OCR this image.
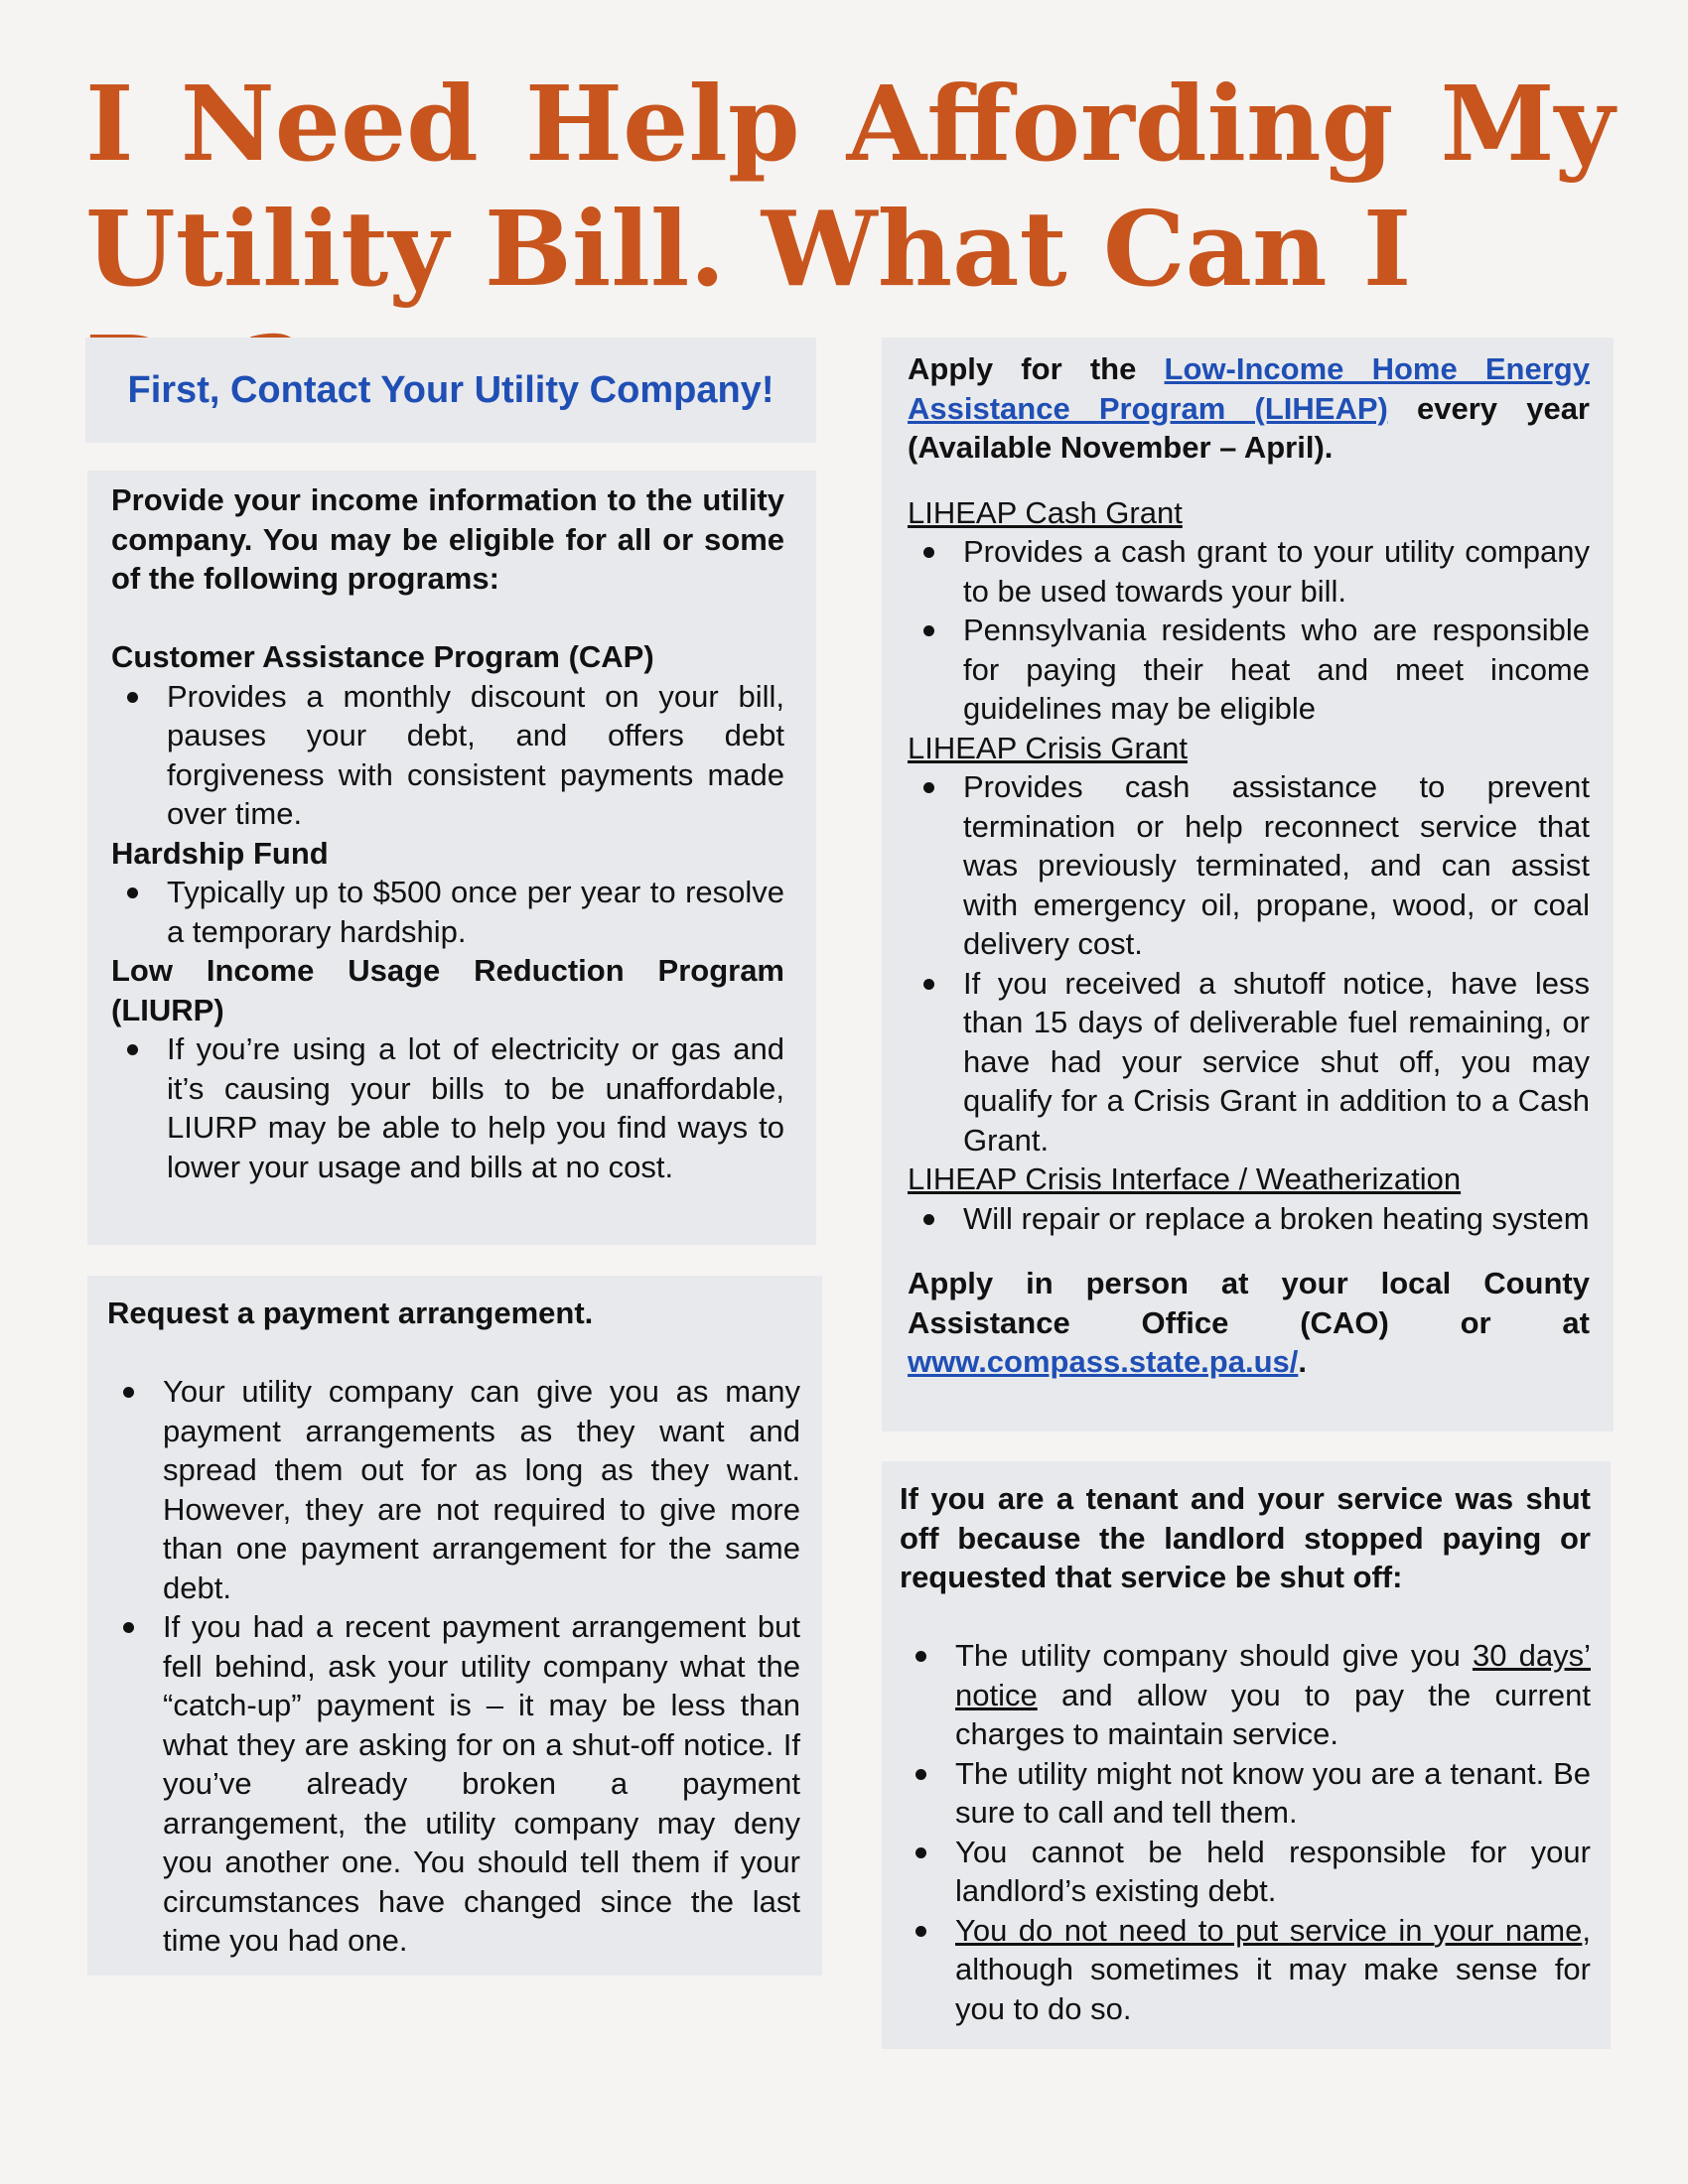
I Need Help Affording My
Utility Bill. What Can I
First, Contact Your Utility Company!
Provide your income information to the utility company. You may be eligible for all or some of the following programs:
Customer Assistance Program (CAP)
Provides a monthly discount on your bill, pauses your debt, and offers debt forgiveness with consistent payments made over time.
Hardship Fund
Typically up to $500 once per year to resolve a temporary hardship.
Low Income Usage Reduction Program (LIURP)
If you’re using a lot of electricity or gas and it’s causing your bills to be unaffordable, LIURP may be able to help you find ways to lower your usage and bills at no cost.
Request a payment arrangement.
Your utility company can give you as many payment arrangements as they want and spread them out for as long as they want. However, they are not required to give more than one payment arrangement for the same debt.
If you had a recent payment arrangement but fell behind, ask your utility company what the “catch-up” payment is – it may be less than what they are asking for on a shut-off notice. If you’ve already broken a payment arrangement, the utility company may deny you another one. You should tell them if your circumstances have changed since the last time you had one.
Apply for the Low-Income Home Energy Assistance Program (LIHEAP) every year (Available November – April).
LIHEAP Cash Grant
Provides a cash grant to your utility company to be used towards your bill.
Pennsylvania residents who are responsible for paying their heat and meet income guidelines may be eligible
LIHEAP Crisis Grant
Provides cash assistance to prevent termination or help reconnect service that was previously terminated, and can assist with emergency oil, propane, wood, or coal delivery cost.
If you received a shutoff notice, have less than 15 days of deliverable fuel remaining, or have had your service shut off, you may qualify for a Crisis Grant in addition to a Cash Grant.
LIHEAP Crisis Interface / Weatherization
Will repair or replace a broken heating system
Apply in person at your local County Assistance Office (CAO) or at www.compass.state.pa.us/.
If you are a tenant and your service was shut off because the landlord stopped paying or requested that service be shut off:
The utility company should give you 30 days’ notice and allow you to pay the current charges to maintain service.
The utility might not know you are a tenant. Be sure to call and tell them.
You cannot be held responsible for your landlord’s existing debt.
You do not need to put service in your name, although sometimes it may make sense for you to do so.
